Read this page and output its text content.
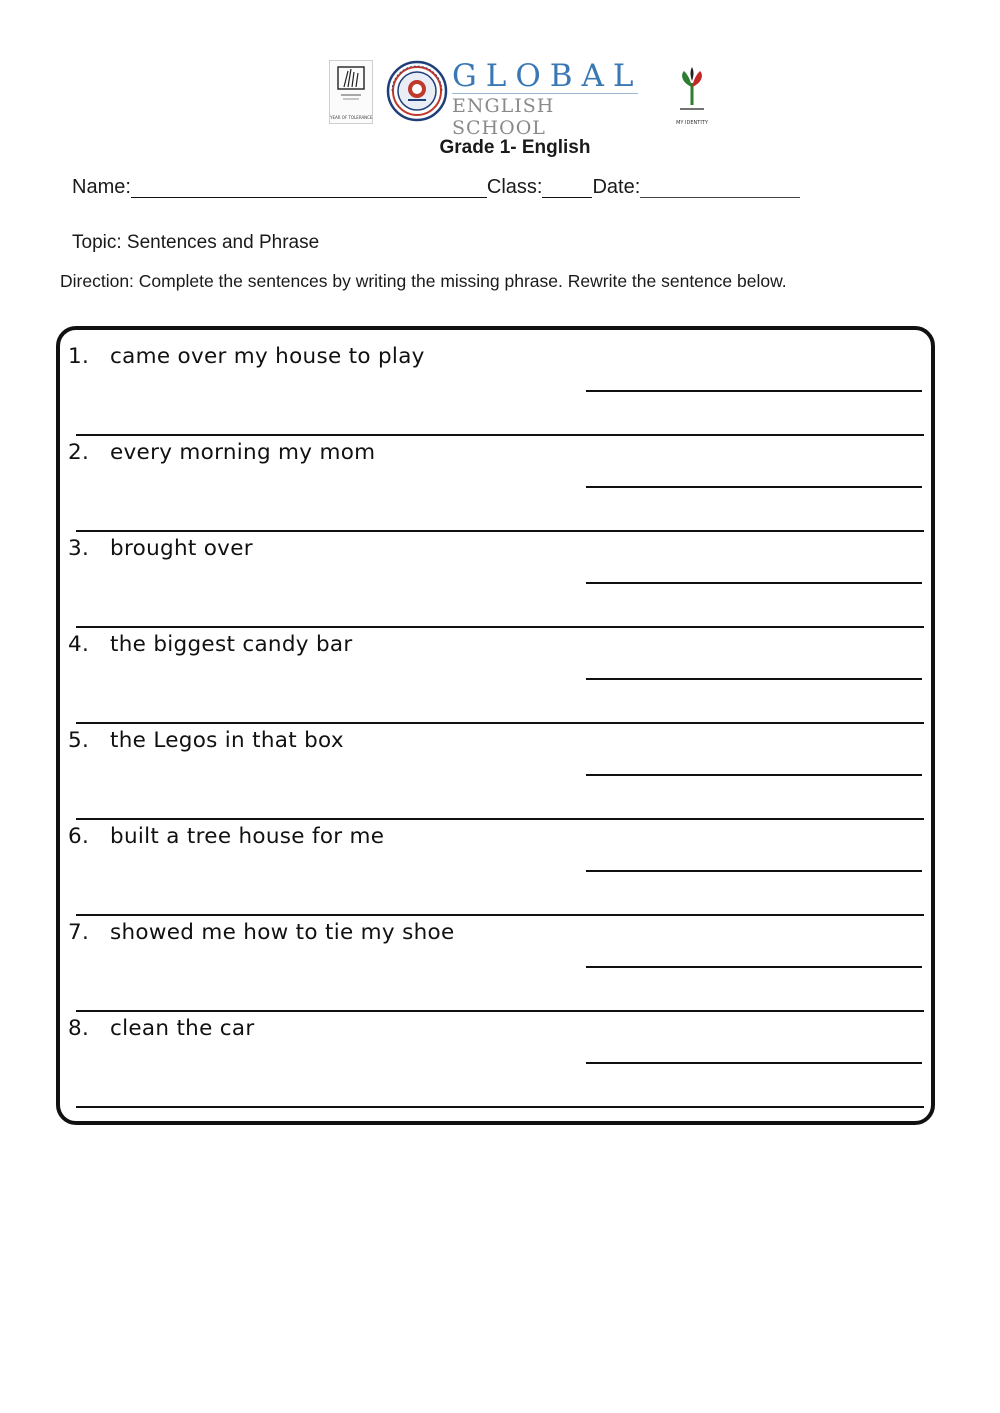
YEAR OF TOLERANCE
GLOBAL
ENGLISH SCHOOL	MY IDENTITY
Grade 1- English
Name:	Class:	Date:
Topic: Sentences and Phrase
Direction: Complete the sentences by writing the missing phrase. Rewrite the sentence below.
1. came over my house to play
2. every morning my mom
3. brought over
4. the biggest candy bar
5. the Legos in that box
6. built a tree house for me
7. showed me how to tie my shoe
8. clean the car
